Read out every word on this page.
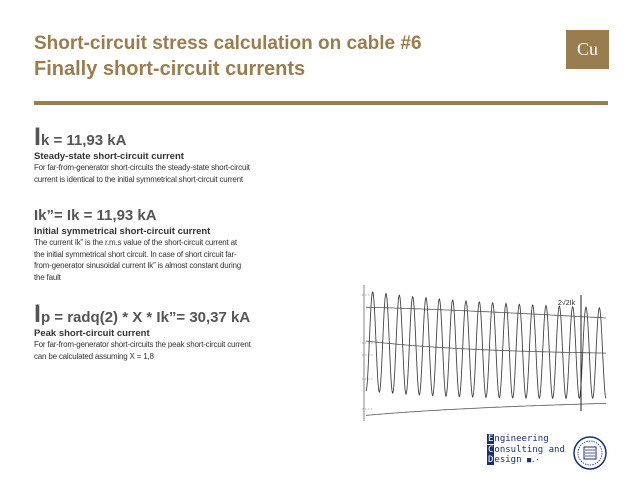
Short-circuit stress calculation on cable #6
Finally short-circuit currents
Cu
Ik = 11,93 kA
Steady-state short-circuit current
For far-from-generator short-circuits the steady-state short-circuit
current is identical to the initial symmetrical short-circuit current
Ik”= Ik = 11,93 kA
Initial symmetrical short-circuit current
The current Ik” is the r.m.s value of the short-circuit current at
the initial symmetrical short circuit. In case of short circuit far-
from-generator sinusoidal current Ik” is almost constant during
the fault
Ip = radq(2) * X * Ik”= 30,37 kA
Peak short-circuit current
For far-from-generator short-circuits the peak short-circuit current
can be calculated assuming X = 1,8
2√2Ik
Engineering
Consulting and
Design ■.·
